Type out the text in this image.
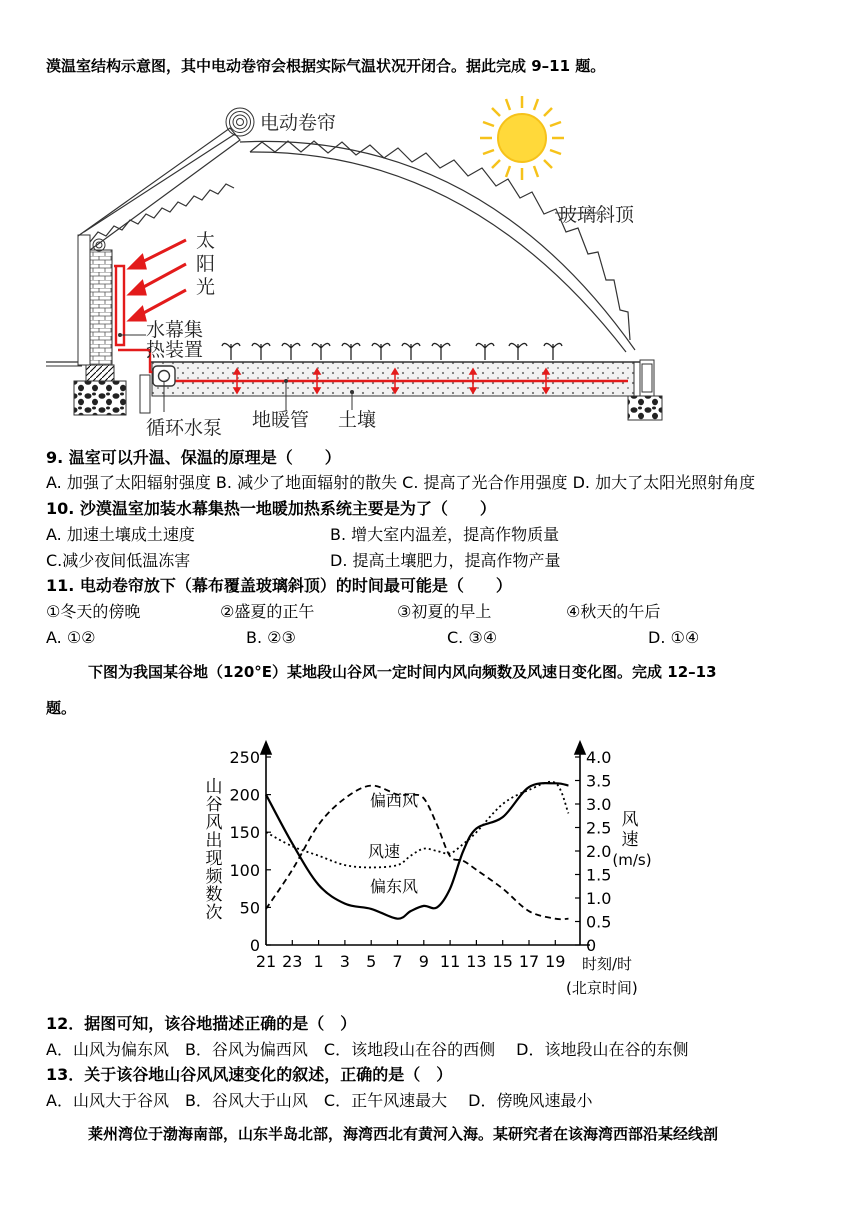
漠温室结构示意图，其中电动卷帘会根据实际气温状况开闭合。据此完成 9–11 题。
电动卷帘
玻璃斜顶
太
阳
光
水幕集
热装置
循环水泵 地暖管 土壤
9. 温室可以升温、保温的原理是（　　）
A. 加强了太阳辐射强度 B. 减少了地面辐射的散失 C. 提高了光合作用强度 D. 加大了太阳光照射角度
10. 沙漠温室加装水幕集热一地暖加热系统主要是为了（　　）
A. 加速土壤成土速度	B. 增大室内温差，提高作物质量
C.减少夜间低温冻害	D. 提高土壤肥力，提高作物产量
11. 电动卷帘放下（幕布覆盖玻璃斜顶）的时间最可能是（　　）
①冬天的傍晚	②盛夏的正午	③初夏的早上	④秋天的午后
A. ①②	B. ②③	C. ③④	D. ①④
下图为我国某谷地（120°E）某地段山谷风一定时间内风向频数及风速日变化图。完成 12–13
题。
山
谷
风
出
现
频
数
次
风
速
(m/s)
0
50
100
150
200
250
0
0.5
1.0
1.5
2.0
2.5
3.0
3.5
4.0
21 23 1 3 5 7 9 11 13 15 17 19
偏西风
偏东风
风速
时刻/时
(北京时间)
12．据图可知，该谷地描述正确的是（　）
A．山风为偏东风　B．谷风为偏西风　C．该地段山在谷的西侧　 D．该地段山在谷的东侧
13．关于该谷地山谷风风速变化的叙述，正确的是（　）
A．山风大于谷风　B．谷风大于山风　C．正午风速最大　 D．傍晚风速最小
莱州湾位于渤海南部，山东半岛北部，海湾西北有黄河入海。某研究者在该海湾西部沿某经线剖
